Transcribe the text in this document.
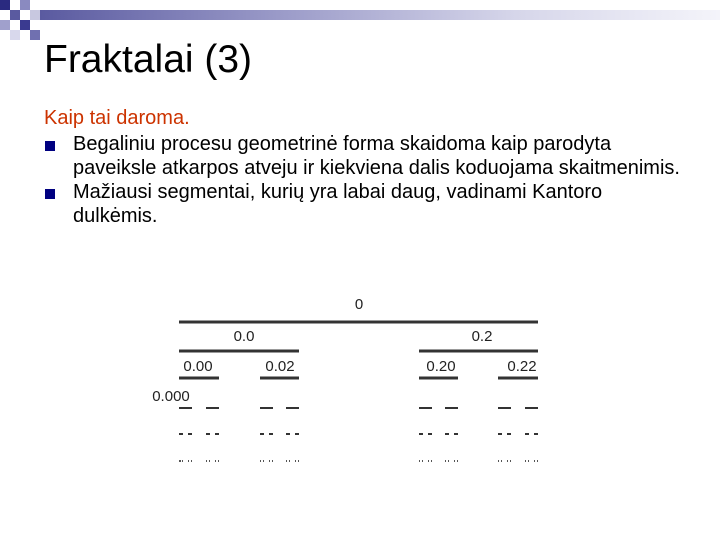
Fraktalai (3)

Kaip tai daroma.

Begaliniu procesu geometrinė forma skaidoma kaip parodyta paveiksle atkarpos atveju ir kiekviena dalis koduojama skaitmenimis.
Mažiausi segmentai, kurių yra labai daug, vadinami Kantoro dulkėmis.
0
0.0	0.2
0.00	0.02	0.20	0.22
0.000
